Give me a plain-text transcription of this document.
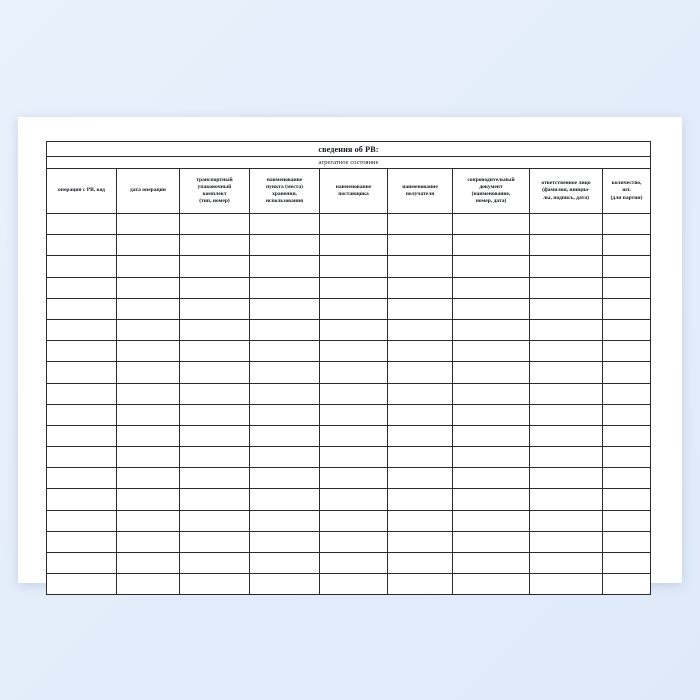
сведения об РВ:								
агрегатное состояние								

операция с РВ, код	дата операции	транспортный
упаковочный
комплект
(тип, номер)	наименование
пункта (места)
хранения,
использования	наименование
поставщика	наименование
получателя	сопроводительный
документ
(наименование,
номер, дата)	ответственное лицо
(фамилия, инициа-
лы, подпись, дата)	количество,
шт.
(для партии)
